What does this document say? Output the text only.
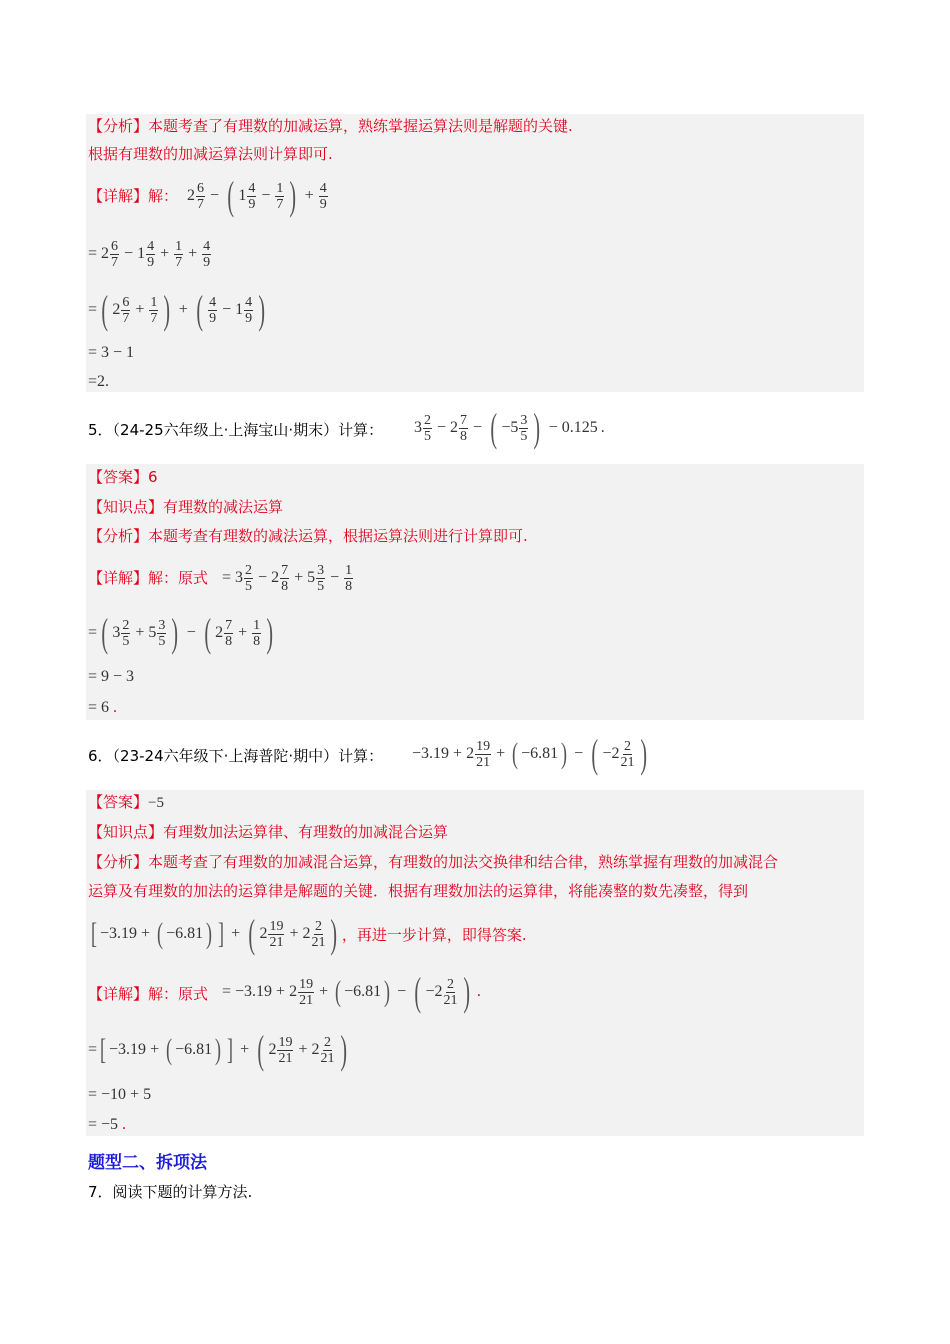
【分析】本题考查了有理数的加减运算，熟练掌握运算法则是解题的关键.
根据有理数的加减运算法则计算即可.
【详解】解： 2 6
7 − ( 1 4
$9 - \frac{1}{7}$ ) + $\frac{4}{9}$
= 2 6
$7 - 1 \frac{4}{9} + \frac{1}{7} + \frac{4}{9}$
= ( 2 6
$7 + \frac{1}{7}$ ) + ( 4
$9 - 1 \frac{4}{9}$ )
= 3 − 1
=2.
5．（24-25六年级上·上海宝山·期末）计算： 3 2
$5 - 2 \frac{7}{8}$ − ( −5 3
5 ) − 0.125 .
【答案】6
【知识点】有理数的减法运算
【分析】本题考查有理数的减法运算，根据运算法则进行计算即可.
【详解】解：原式 = 3 2
$5 - 2 \frac{7}{8} + 5 \frac{3}{5} - \frac{1}{8}$
= ( 3 2
$5 + 5 \frac{3}{5}$ ) − ( 2 7
$8 + \frac{1}{8}$ )
= 9 − 3
= 6 .
6．（23-24六年级下·上海普陀·期中）计算： $-3.19 + 2 \frac{19}{21}$ + ( −6.81 ) − ( −2 2
21 )
【答案】−5
【知识点】有理数加法运算律、有理数的加减混合运算
【分析】本题考查了有理数的加减混合运算，有理数的加法交换律和结合律，熟练掌握有理数的加减混合
运算及有理数的加法的运算律是解题的关键．根据有理数加法的运算律，将能凑整的数先凑整，得到
[ −3.19 + ( −6.81 ) ] + ( 2 19
$21 + 2 \frac{2}{21}$ ) ，再进一步计算，即得答案.
【详解】解：原式 = $-3.19 + 2 \frac{19}{21}$ + ( −6.81 ) − ( −2 2
21 ) .
= [ −3.19 + ( −6.81 ) ] + ( 2 19
$21 + 2 \frac{2}{21}$ )
= −10 + 5
= −5 .
题型二、拆项法
7．阅读下题的计算方法.
